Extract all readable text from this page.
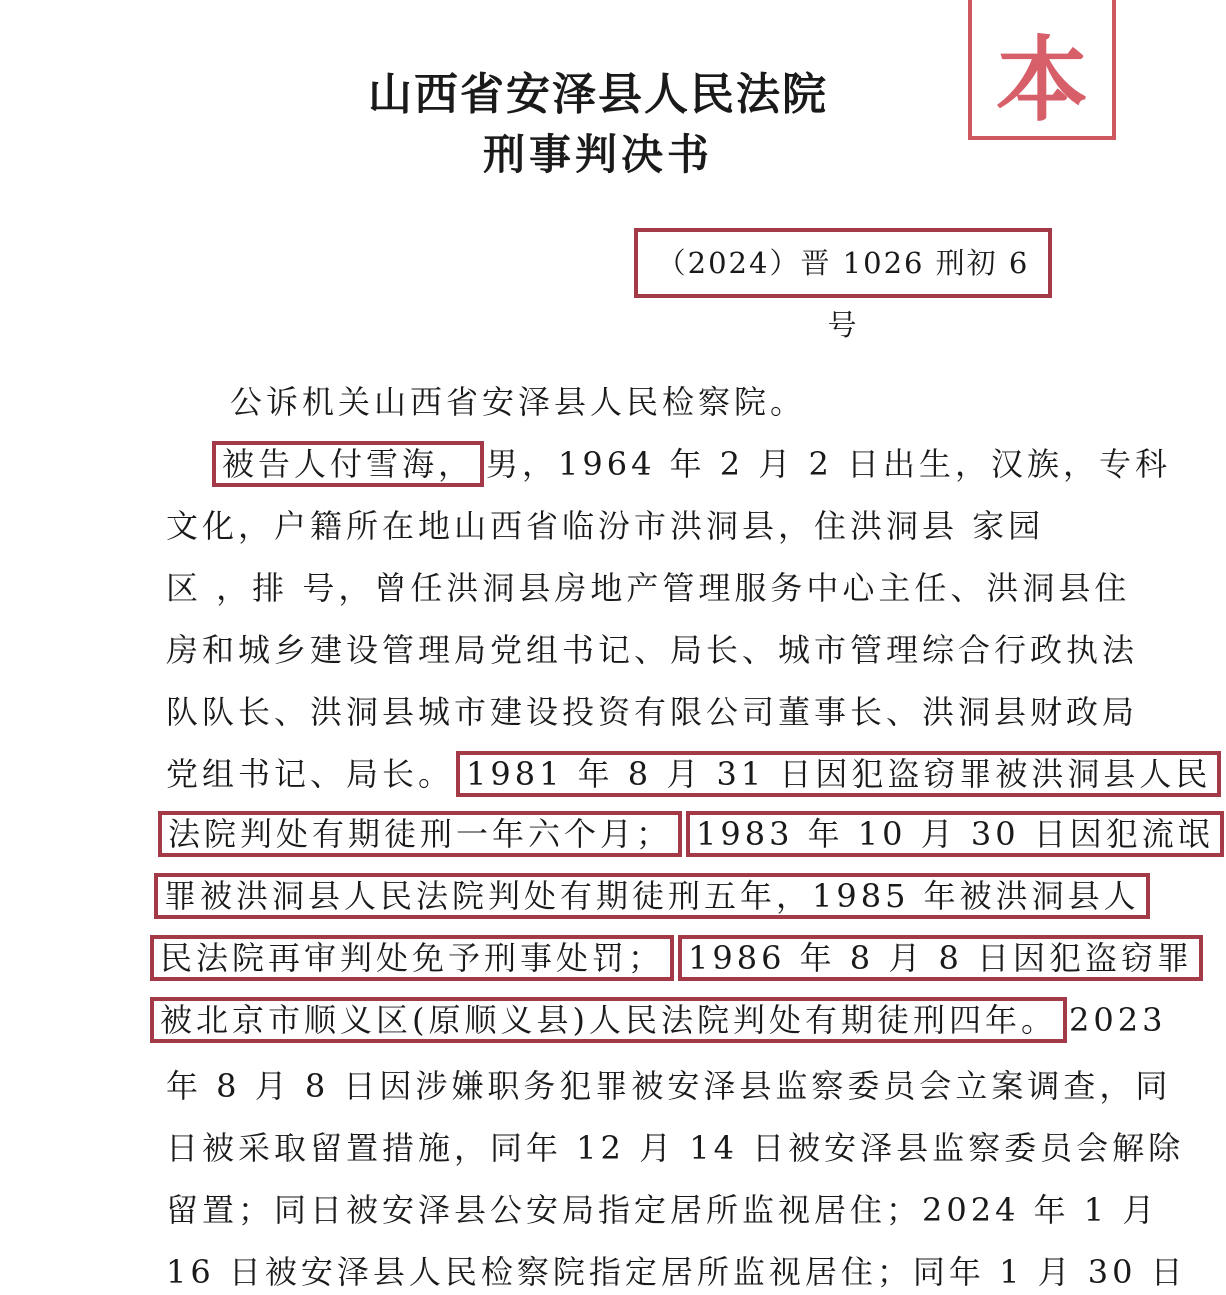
本
山西省安泽县人民法院
刑事判决书
（2024）晋 1026 刑初 6 号
公诉机关山西省安泽县人民检察院。
被告人付雪海， 男，1964 年 2 月 2 日出生，汉族，专科
文化，户籍所在地山西省临汾市洪洞县，住洪洞县 家园
区 ，排 号，曾任洪洞县房地产管理服务中心主任、洪洞县住
房和城乡建设管理局党组书记、局长、城市管理综合行政执法
队队长、洪洞县城市建设投资有限公司董事长、洪洞县财政局
党组书记、局长。 1981 年 8 月 31 日因犯盗窃罪被洪洞县人民
法院判处有期徒刑一年六个月； 1983 年 10 月 30 日因犯流氓
罪被洪洞县人民法院判处有期徒刑五年，1985 年被洪洞县人
民法院再审判处免予刑事处罚； 1986 年 8 月 8 日因犯盗窃罪
被北京市顺义区(原顺义县)人民法院判处有期徒刑四年。 2023
年 8 月 8 日因涉嫌职务犯罪被安泽县监察委员会立案调查，同
日被采取留置措施，同年 12 月 14 日被安泽县监察委员会解除
留置；同日被安泽县公安局指定居所监视居住；2024 年 1 月
16 日被安泽县人民检察院指定居所监视居住；同年 1 月 30 日
